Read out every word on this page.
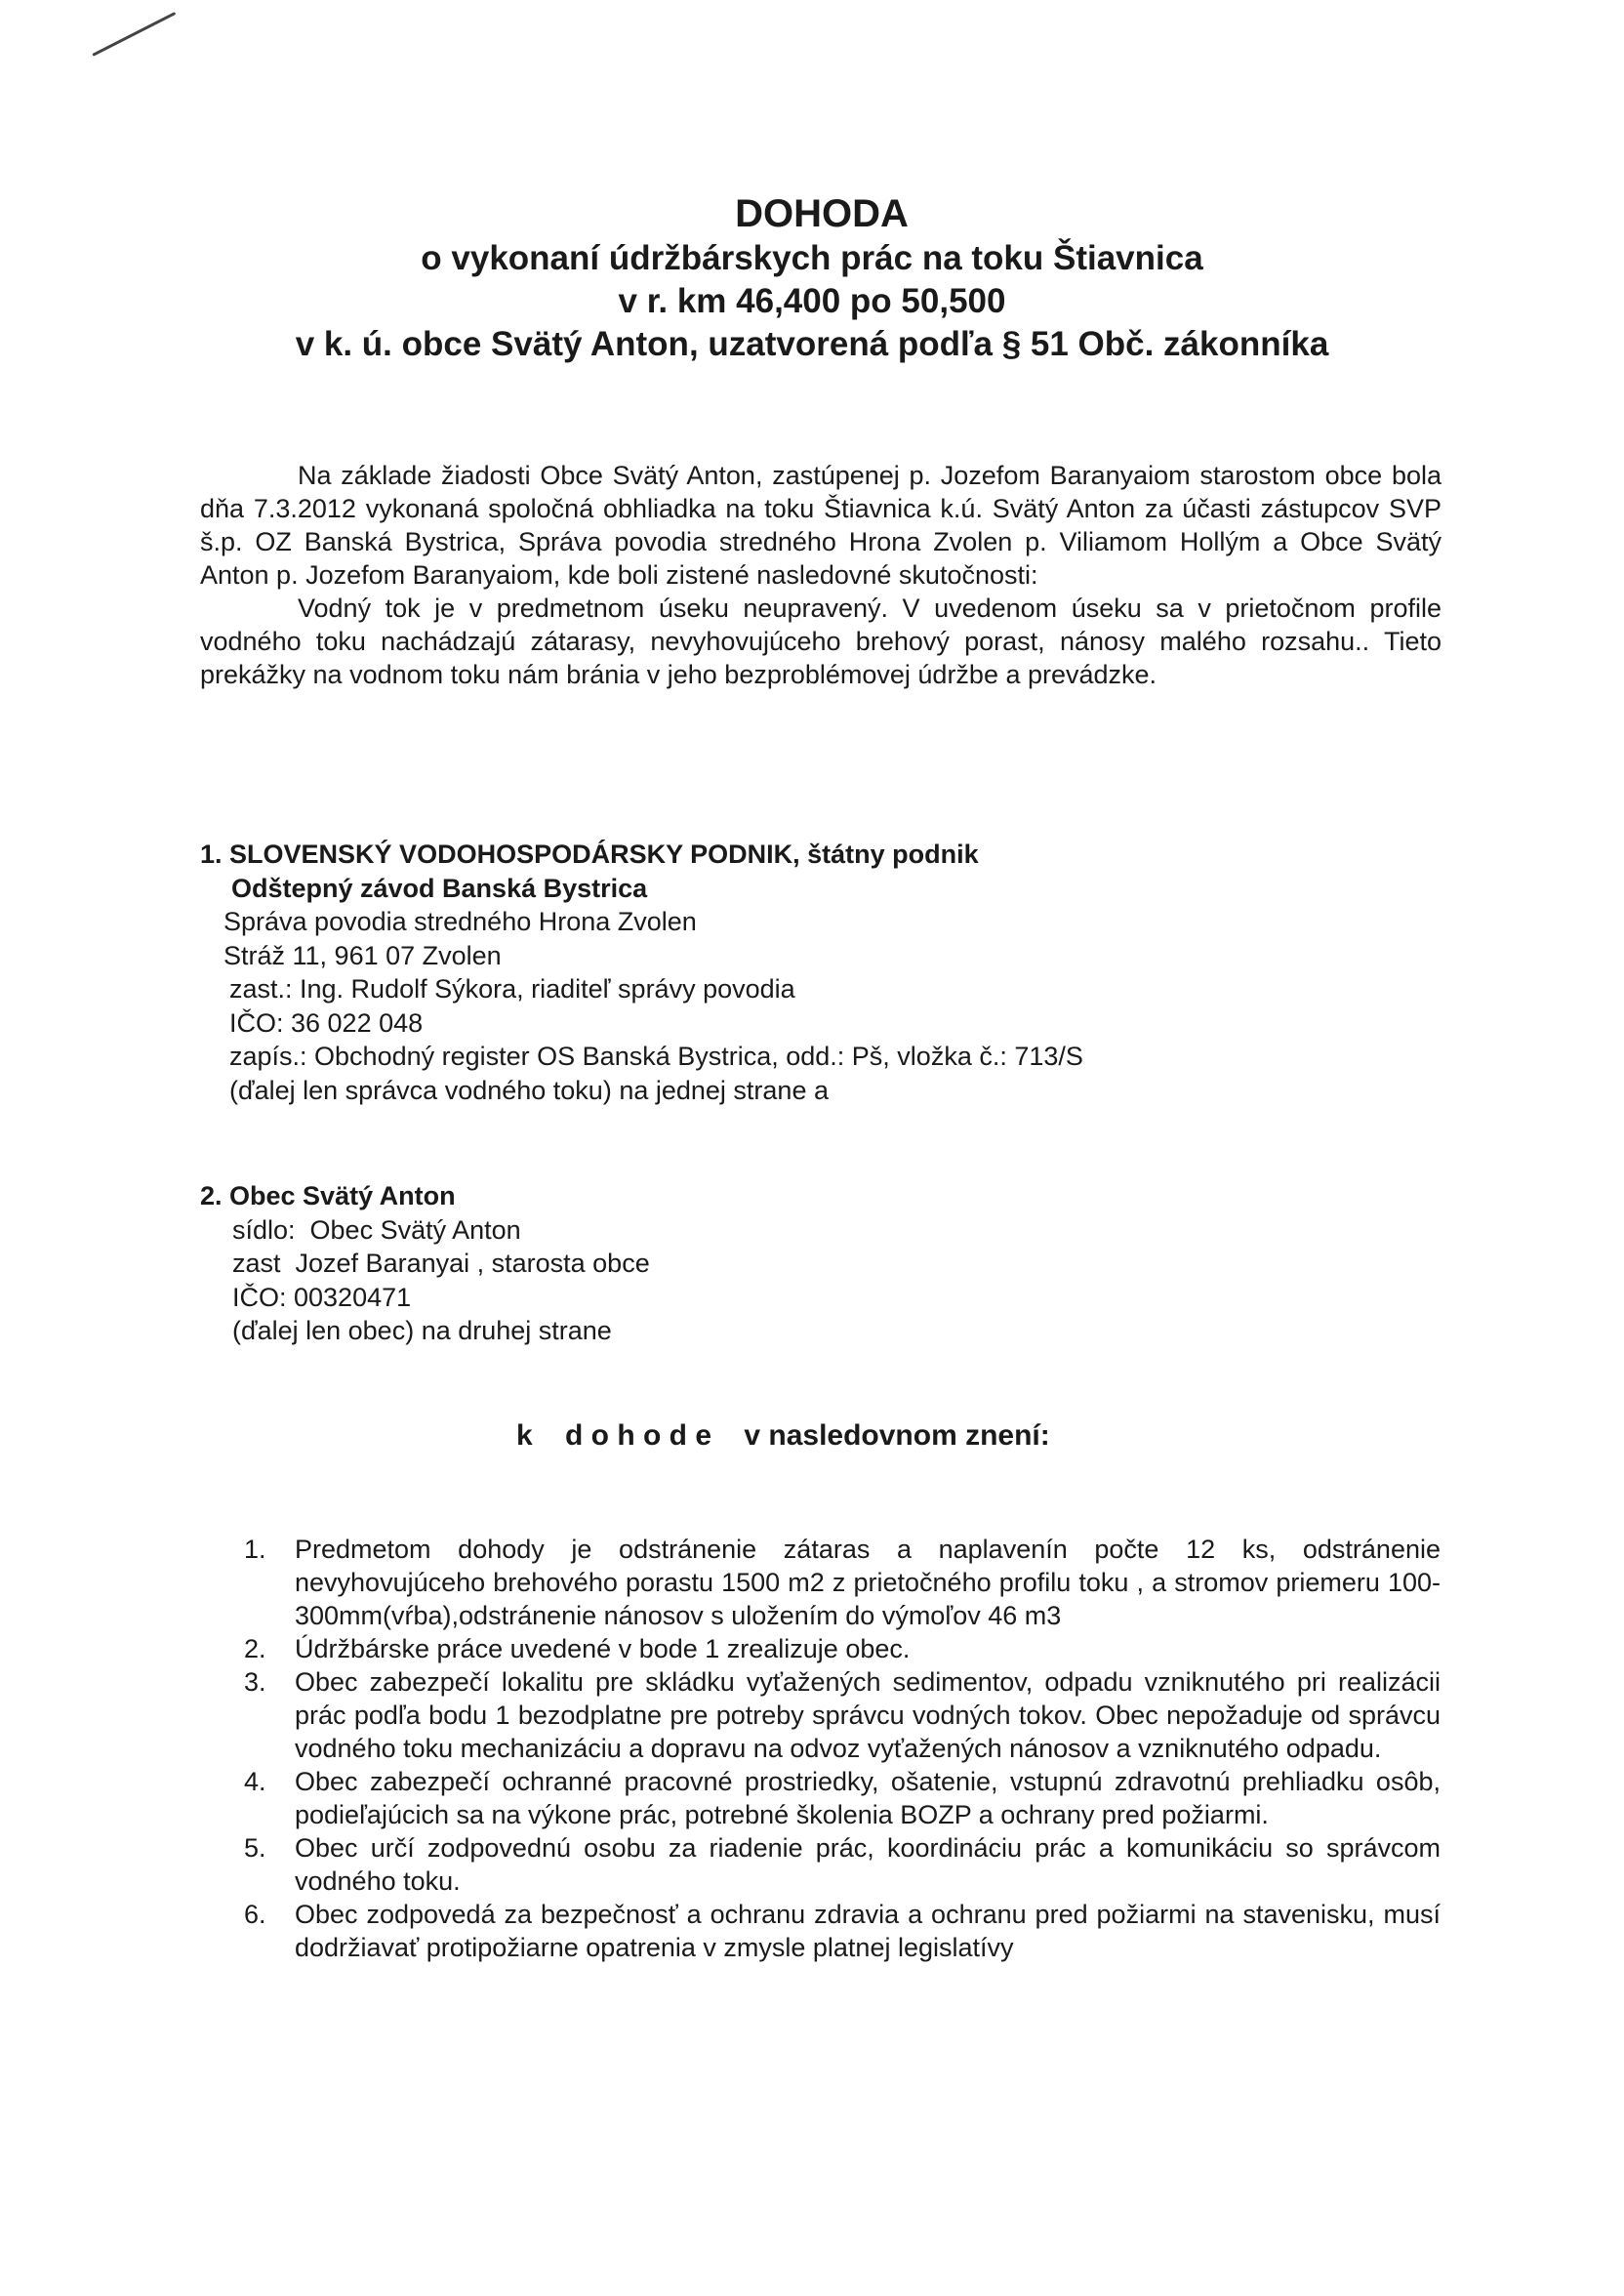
DOHODA
o vykonaní údržbárskych prác na toku Štiavnica
v r. km 46,400 po 50,500
v k. ú. obce Svätý Anton, uzatvorená podľa § 51 Obč. zákonníka

Na základe žiadosti Obce Svätý Anton, zastúpenej p. Jozefom Baranyaiom starostom obce bola dňa 7.3.2012 vykonaná spoločná obhliadka na toku Štiavnica k.ú. Svätý Anton za účasti zástupcov SVP š.p. OZ Banská Bystrica, Správa povodia stredného Hrona Zvolen p. Viliamom Hollým a Obce Svätý Anton p. Jozefom Baranyaiom, kde boli zistené nasledovné skutočnosti:

Vodný tok je v predmetnom úseku neupravený. V uvedenom úseku sa v prietočnom profile vodného toku nachádzajú zátarasy, nevyhovujúceho brehový porast, nánosy malého rozsahu.. Tieto prekážky na vodnom toku nám bránia v jeho bezproblémovej údržbe a prevádzke.

1. SLOVENSKÝ VODOHOSPODÁRSKY PODNIK, štátny podnik
Odštepný závod Banská Bystrica
Správa povodia stredného Hrona Zvolen
Stráž 11, 961 07 Zvolen
zast.: Ing. Rudolf Sýkora, riaditeľ správy povodia
IČO: 36 022 048
zapís.: Obchodný register OS Banská Bystrica, odd.: Pš, vložka č.: 713/S
(ďalej len správca vodného toku) na jednej strane a
2. Obec Svätý Anton
sídlo:  Obec Svätý Anton
zast  Jozef Baranyai , starosta obce
IČO: 00320471
(ďalej len obec) na druhej strane
k    d o h o d e    v nasledovnom znení:
1. Predmetom dohody je odstránenie zátaras a naplavenín počte 12 ks, odstránenie nevyhovujúceho brehového porastu 1500 m2 z prietočného profilu toku , a stromov priemeru 100-300mm(vŕba),odstránenie nánosov s uložením do výmoľov 46 m3
2. Údržbárske práce uvedené v bode 1 zrealizuje obec.
3. Obec zabezpečí lokalitu pre skládku vyťažených sedimentov, odpadu vzniknutého pri realizácii prác podľa bodu 1 bezodplatne pre potreby správcu vodných tokov. Obec nepožaduje od správcu vodného toku mechanizáciu a dopravu na odvoz vyťažených nánosov a vzniknutého odpadu.
4. Obec zabezpečí ochranné pracovné prostriedky, ošatenie, vstupnú zdravotnú prehliadku osôb, podieľajúcich sa na výkone prác, potrebné školenia BOZP a ochrany pred požiarmi.
5. Obec určí zodpovednú osobu za riadenie prác, koordináciu prác a komunikáciu so správcom vodného toku.
6. Obec zodpovedá za bezpečnosť a ochranu zdravia a ochranu pred požiarmi na stavenisku, musí dodržiavať protipožiarne opatrenia v zmysle platnej legislatívy
